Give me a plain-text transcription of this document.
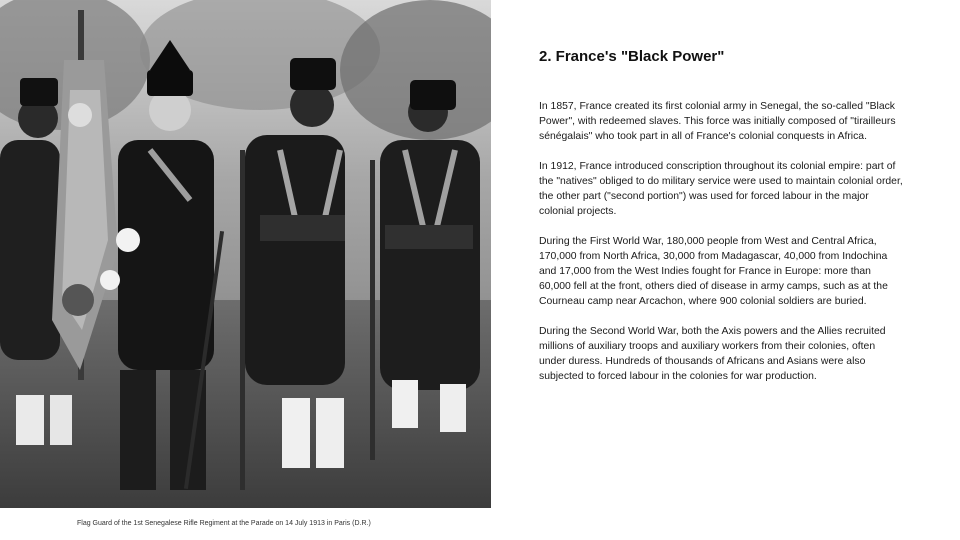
Flag Guard of the 1st Senegalese Rifle Regiment at the Parade on 14 July 1913 in Paris (D.R.)
2. France's "Black Power"

In 1857, France created its first colonial army in Senegal, the so-called "Black Power", with redeemed slaves. This force was initially composed of "tirailleurs sénégalais" who took part in all of France's colonial conquests in Africa.

In 1912, France introduced conscription throughout its colonial empire: part of the "natives" obliged to do military service were used to maintain colonial order, the other part ("second portion") was used for forced labour in the major colonial projects.

During the First World War, 180,000 people from West and Central Africa, 170,000 from North Africa, 30,000 from Madagascar, 40,000 from Indochina and 17,000 from the West Indies fought for France in Europe: more than 60,000 fell at the front, others died of disease in army camps, such as at the Courneau camp near Arcachon, where 900 colonial soldiers are buried.

During the Second World War, both the Axis powers and the Allies recruited millions of auxiliary troops and auxiliary workers from their colonies, often under duress. Hundreds of thousands of Africans and Asians were also subjected to forced labour in the colonies for war production.
